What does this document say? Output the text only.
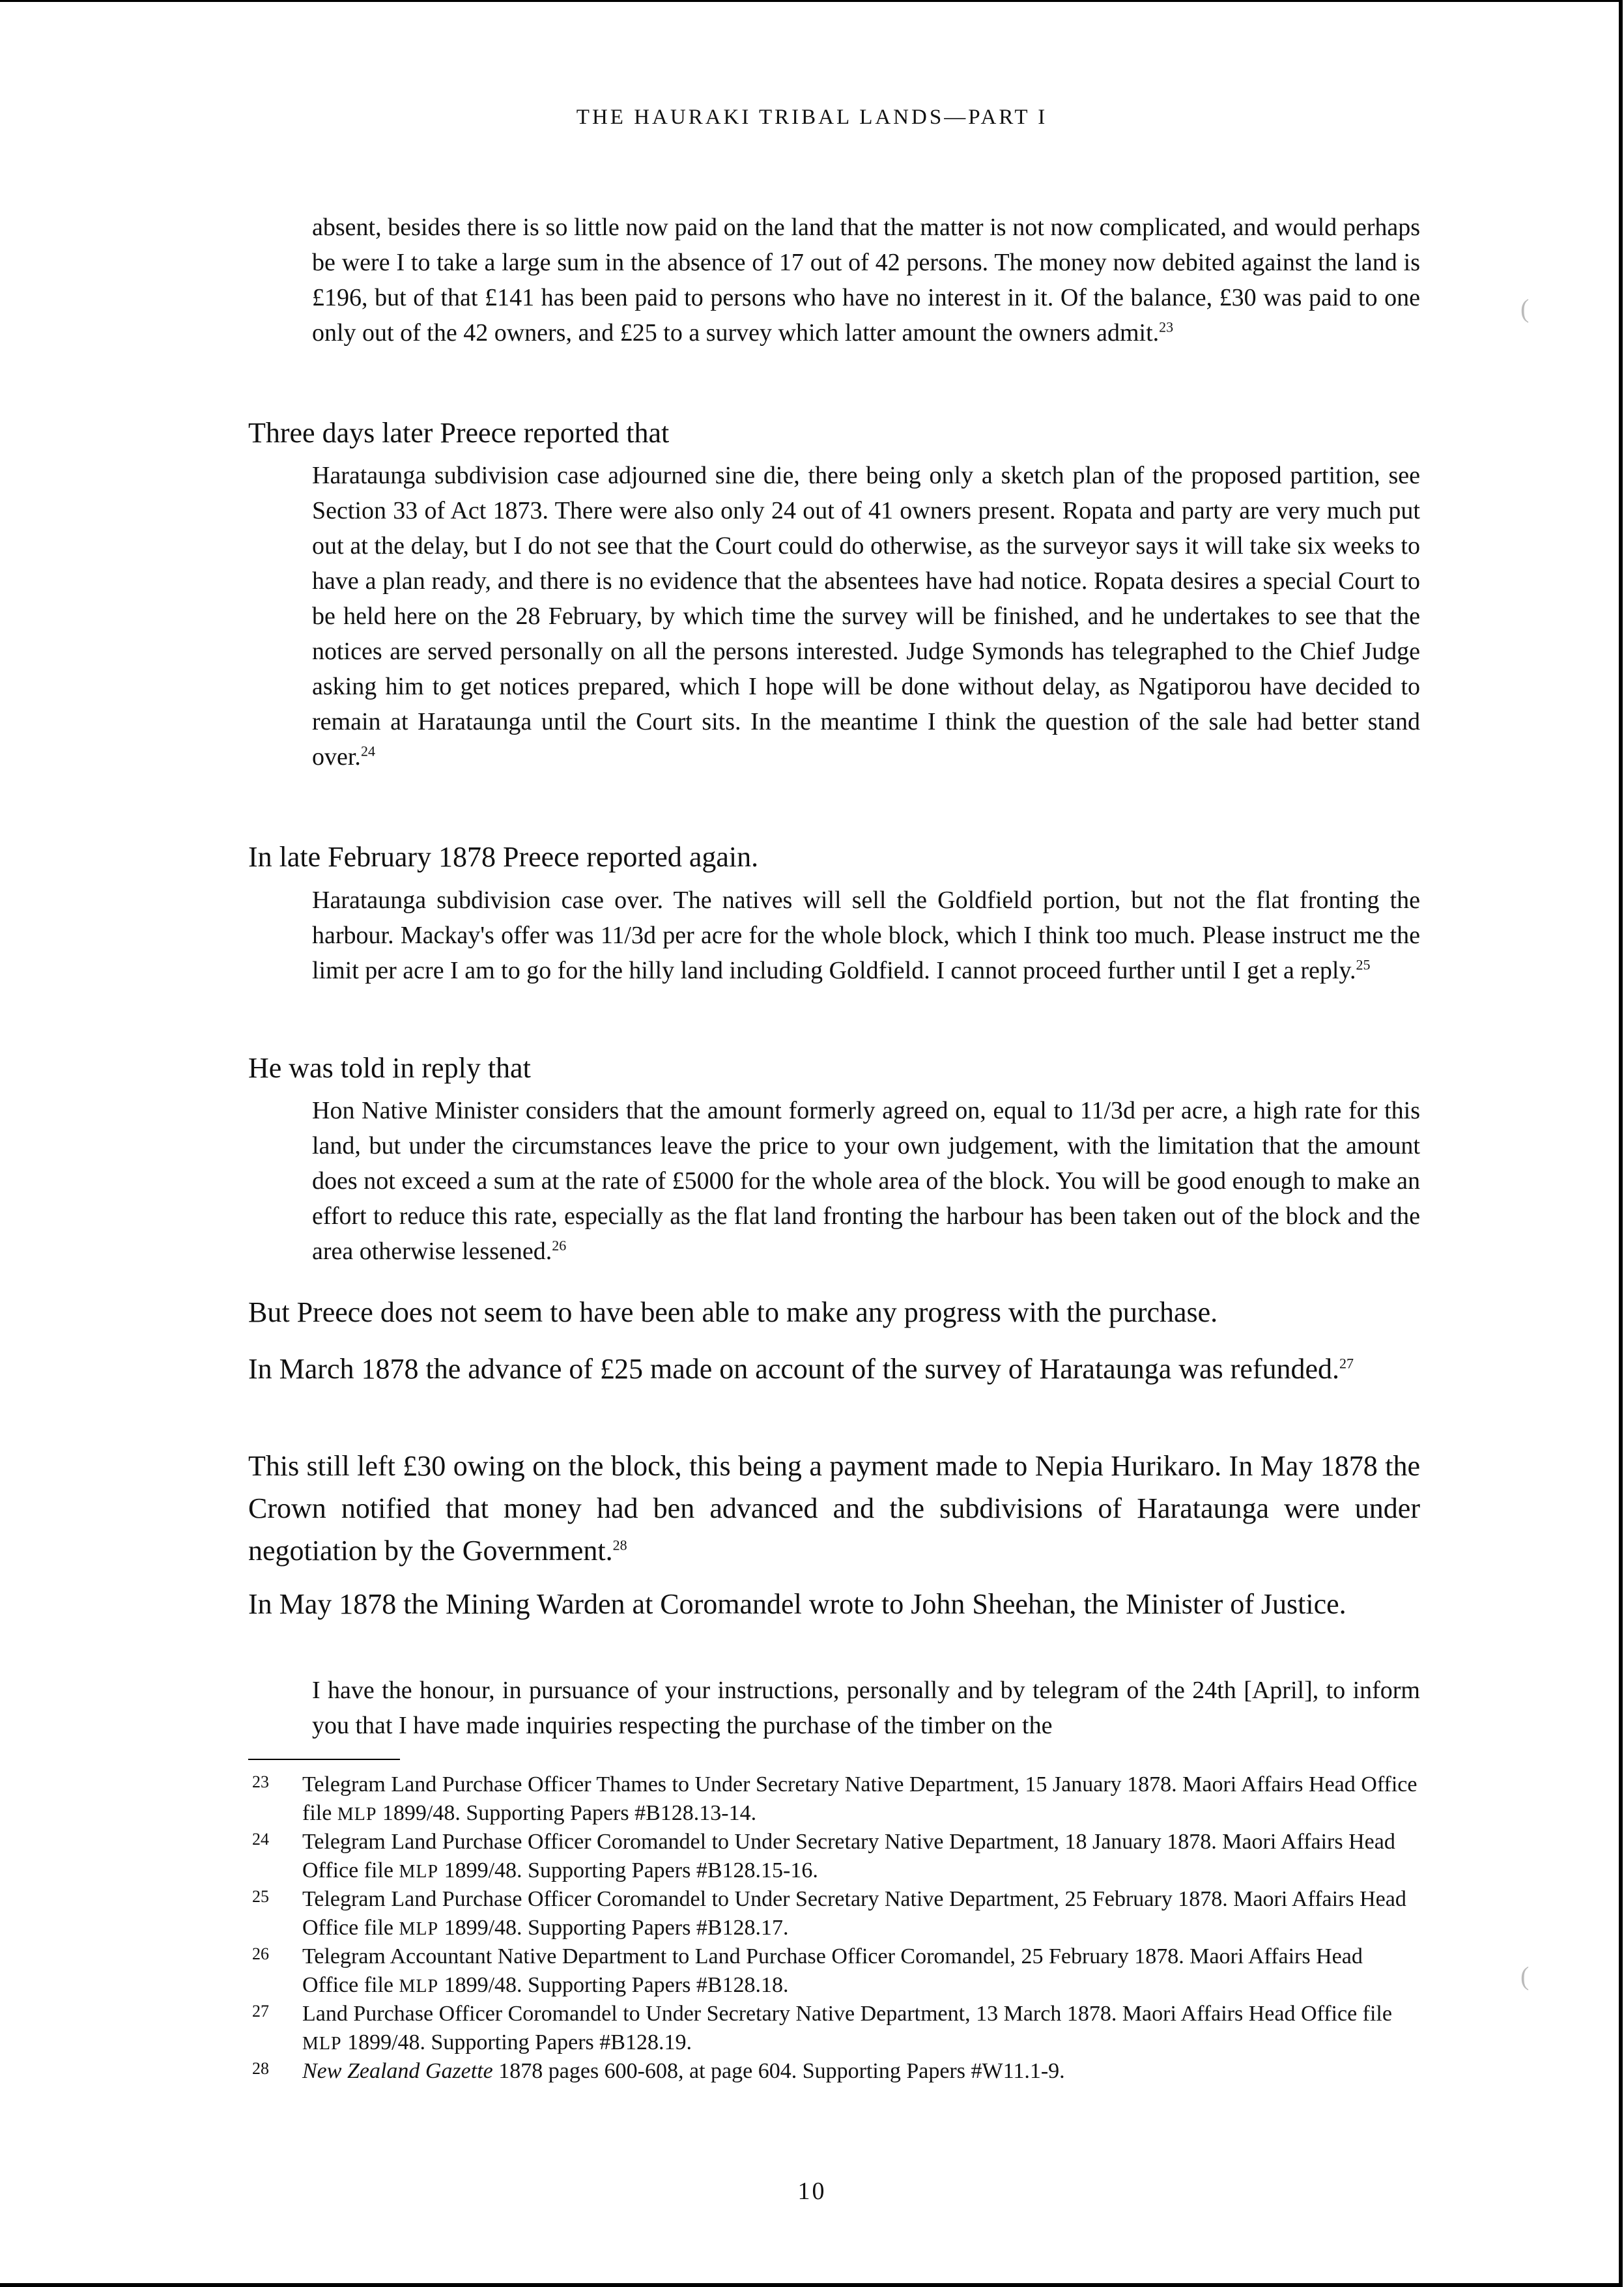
THE HAURAKI TRIBAL LANDS—PART I
absent, besides there is so little now paid on the land that the matter is not now complicated, and would perhaps be were I to take a large sum in the absence of 17 out of 42 persons. The money now debited against the land is £196, but of that £141 has been paid to persons who have no interest in it. Of the balance, £30 was paid to one only out of the 42 owners, and £25 to a survey which latter amount the owners admit.$^{23}$
Three days later Preece reported that
Harataunga subdivision case adjourned sine die, there being only a sketch plan of the proposed partition, see Section 33 of Act 1873. There were also only 24 out of 41 owners present. Ropata and party are very much put out at the delay, but I do not see that the Court could do otherwise, as the surveyor says it will take six weeks to have a plan ready, and there is no evidence that the absentees have had notice. Ropata desires a special Court to be held here on the 28 February, by which time the survey will be finished, and he undertakes to see that the notices are served personally on all the persons interested. Judge Symonds has telegraphed to the Chief Judge asking him to get notices prepared, which I hope will be done without delay, as Ngatiporou have decided to remain at Harataunga until the Court sits. In the meantime I think the question of the sale had better stand over.$^{24}$
In late February 1878 Preece reported again.
Harataunga subdivision case over. The natives will sell the Goldfield portion, but not the flat fronting the harbour. Mackay's offer was 11/3d per acre for the whole block, which I think too much. Please instruct me the limit per acre I am to go for the hilly land including Goldfield. I cannot proceed further until I get a reply.$^{25}$
He was told in reply that
Hon Native Minister considers that the amount formerly agreed on, equal to 11/3d per acre, a high rate for this land, but under the circumstances leave the price to your own judgement, with the limitation that the amount does not exceed a sum at the rate of £5000 for the whole area of the block. You will be good enough to make an effort to reduce this rate, especially as the flat land fronting the harbour has been taken out of the block and the area otherwise lessened.$^{26}$
But Preece does not seem to have been able to make any progress with the purchase.
In March 1878 the advance of £25 made on account of the survey of Harataunga was refunded.$^{27}$
This still left £30 owing on the block, this being a payment made to Nepia Hurikaro. In May 1878 the Crown notified that money had ben advanced and the subdivisions of Harataunga were under negotiation by the Government.$^{28}$
In May 1878 the Mining Warden at Coromandel wrote to John Sheehan, the Minister of Justice.
I have the honour, in pursuance of your instructions, personally and by telegram of the 24th [April], to inform you that I have made inquiries respecting the purchase of the timber on the
23 Telegram Land Purchase Officer Thames to Under Secretary Native Department, 15 January 1878. Maori Affairs Head Office file MLP 1899/48. Supporting Papers #B128.13-14.
24 Telegram Land Purchase Officer Coromandel to Under Secretary Native Department, 18 January 1878. Maori Affairs Head Office file MLP 1899/48. Supporting Papers #B128.15-16.
25 Telegram Land Purchase Officer Coromandel to Under Secretary Native Department, 25 February 1878. Maori Affairs Head Office file MLP 1899/48. Supporting Papers #B128.17.
26 Telegram Accountant Native Department to Land Purchase Officer Coromandel, 25 February 1878. Maori Affairs Head Office file MLP 1899/48. Supporting Papers #B128.18.
27 Land Purchase Officer Coromandel to Under Secretary Native Department, 13 March 1878. Maori Affairs Head Office file MLP 1899/48. Supporting Papers #B128.19.
28 New Zealand Gazette 1878 pages 600-608, at page 604. Supporting Papers #W11.1-9.
10
(
(
